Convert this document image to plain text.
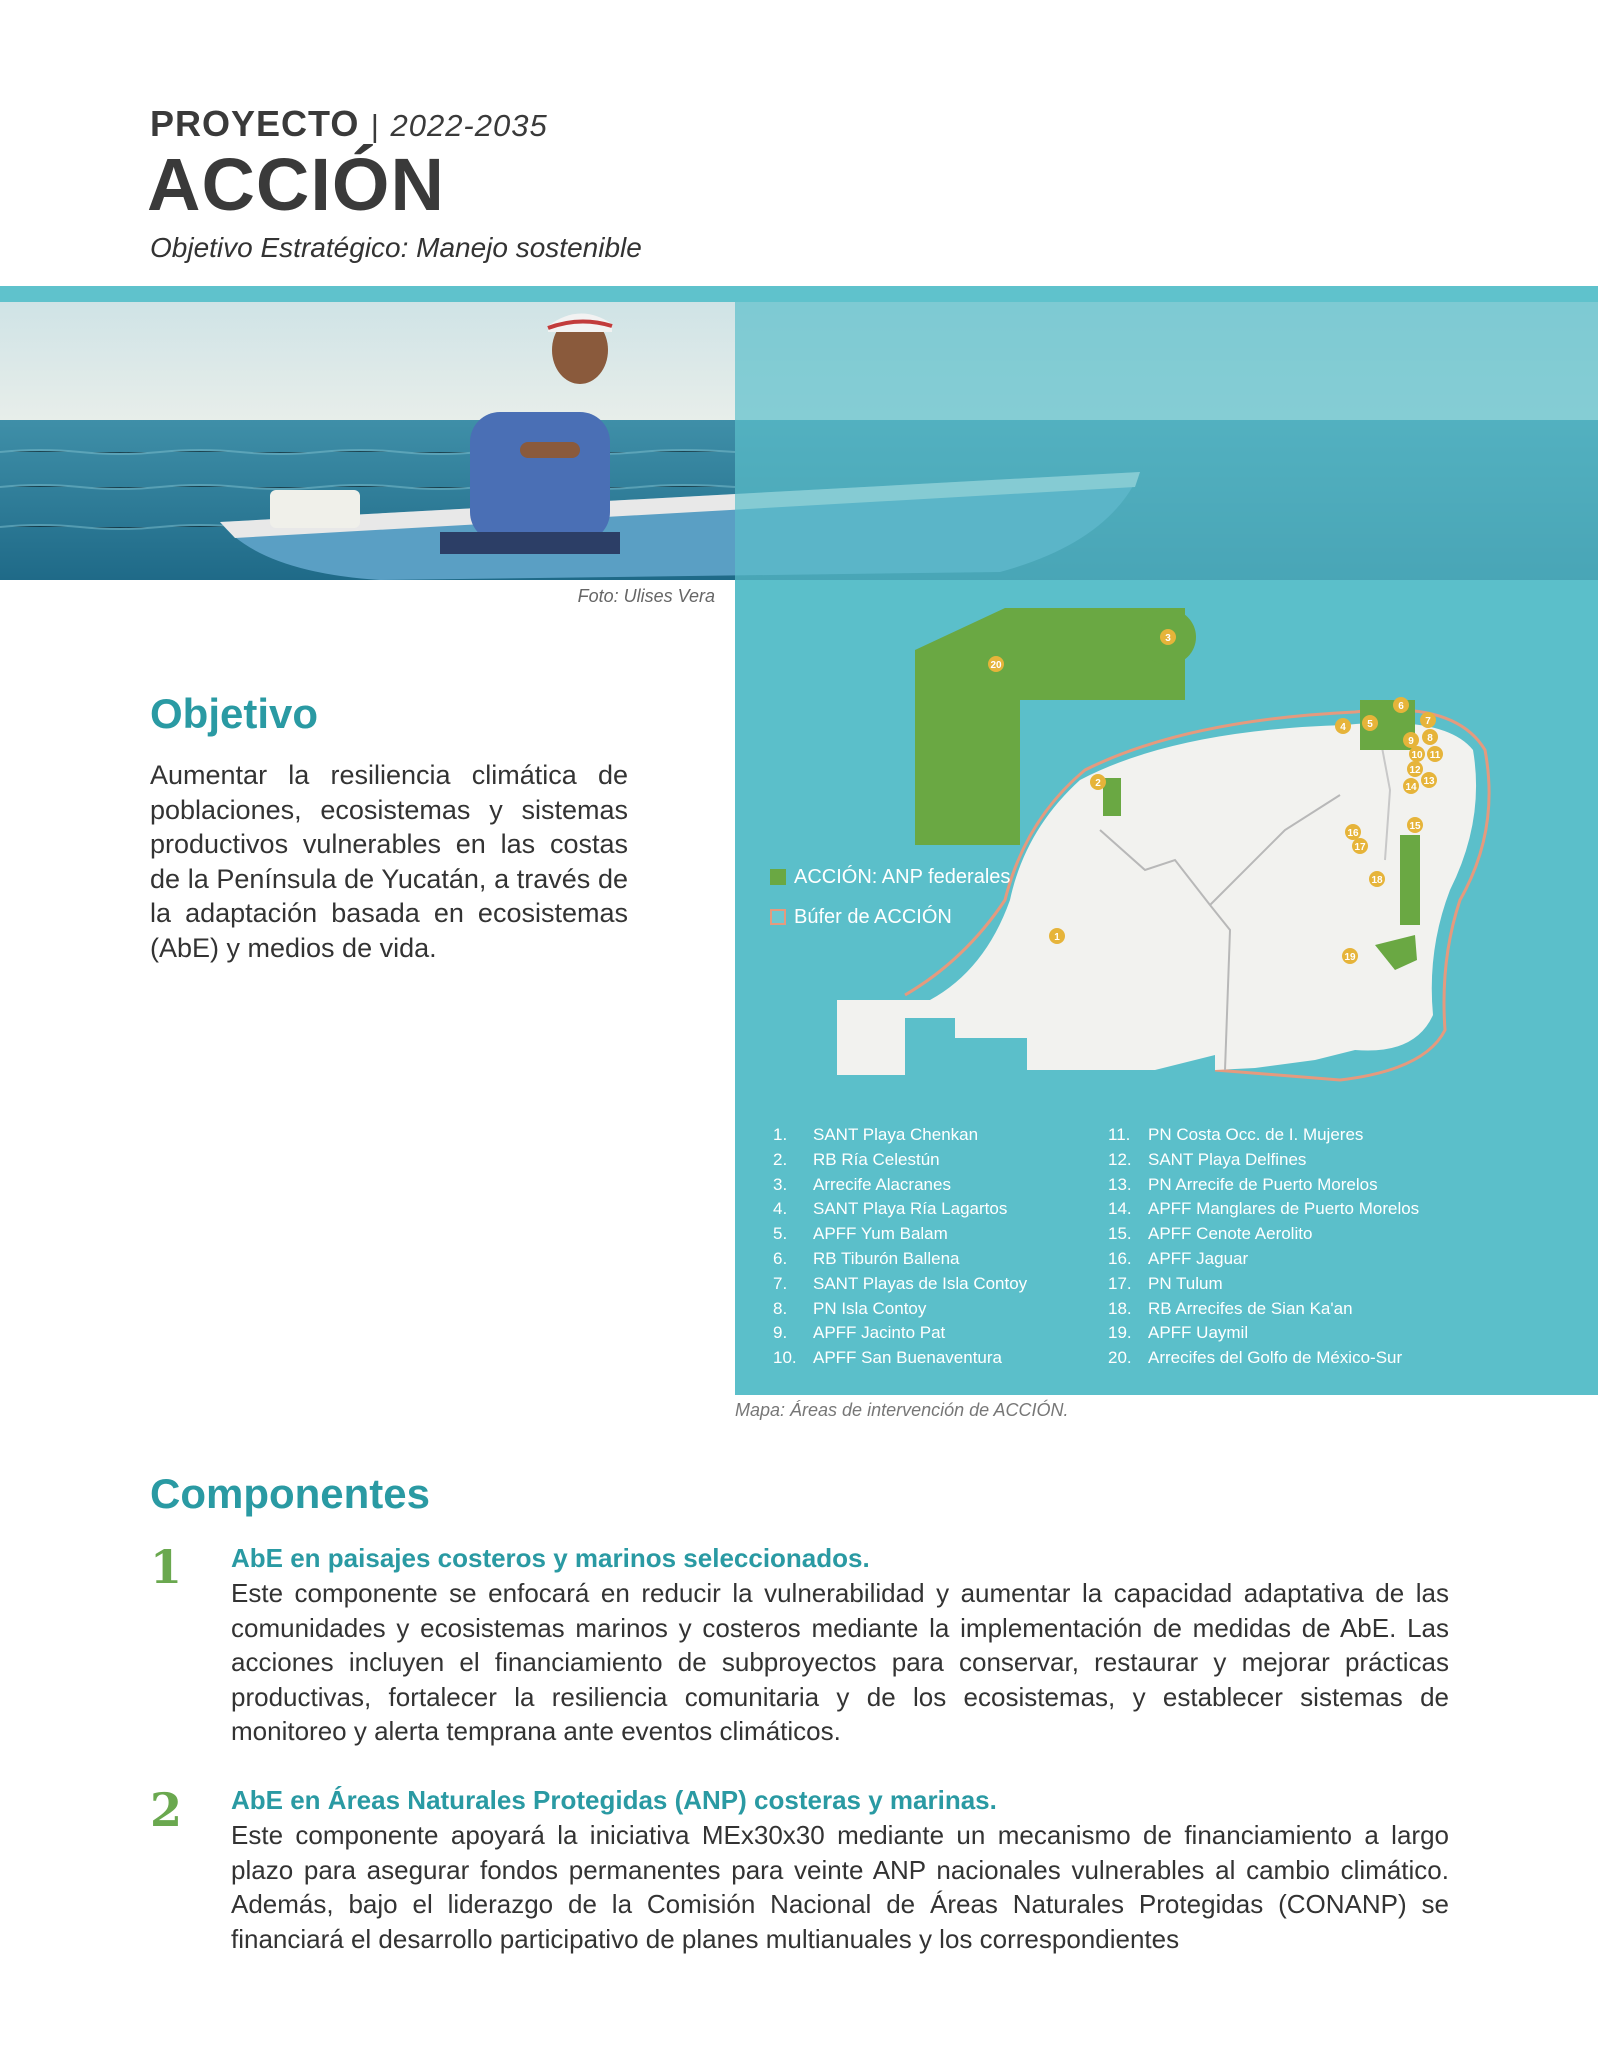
PROYECTO | 2022-2035
ACCIÓN
Objetivo Estratégico: Manejo sostenible
Foto: Ulises Vera
Objetivo
Aumentar la resiliencia climática de poblaciones, ecosistemas y sistemas productivos vulnerables en las costas de la Península de Yucatán, a través de la adaptación basada en ecosistemas (AbE) y medios de vida.	1
2
3
4 5
6
7
8
9
10 11
12
13
14
15
16
17
18
19
20
ACCIÓN: ANP federales
Búfer de ACCIÓN
1.	SANT Playa Chenkan
2.	RB Ría Celestún
3.	Arrecife Alacranes
4.	SANT Playa Ría Lagartos
5.	APFF Yum Balam
6.	RB Tiburón Ballena
7.	SANT Playas de Isla Contoy
8.	PN Isla Contoy
9.	APFF Jacinto Pat
10. APFF San Buenaventura
11.	PN Costa Occ. de I. Mujeres
12. SANT Playa Delfines
13. PN Arrecife de Puerto Morelos
14. APFF Manglares de Puerto Morelos
15. APFF Cenote Aerolito
16. APFF Jaguar
17. PN Tulum
18. RB Arrecifes de Sian Ka'an
19. APFF Uaymil
20. Arrecifes del Golfo de México-Sur
Mapa: Áreas de intervención de ACCIÓN.
Componentes
1 AbE en paisajes costeros y marinos seleccionados.
Este componente se enfocará en reducir la vulnerabilidad y aumentar la capacidad adaptativa de las comunidades y ecosistemas marinos y costeros mediante la implementación de medidas de AbE. Las acciones incluyen el financiamiento de subproyectos para conservar, restaurar y mejorar prácticas productivas, fortalecer la resiliencia comunitaria y de los ecosistemas, y establecer sistemas de monitoreo y alerta temprana ante eventos climáticos.
2 AbE en Áreas Naturales Protegidas (ANP) costeras y marinas.
Este componente apoyará la iniciativa MEx30x30 mediante un mecanismo de financiamiento a largo plazo para asegurar fondos permanentes para veinte ANP nacionales vulnerables al cambio climático. Además, bajo el liderazgo de la Comisión Nacional de Áreas Naturales Protegidas (CONANP) se financiará el desarrollo participativo de planes multianuales y los correspondientes
